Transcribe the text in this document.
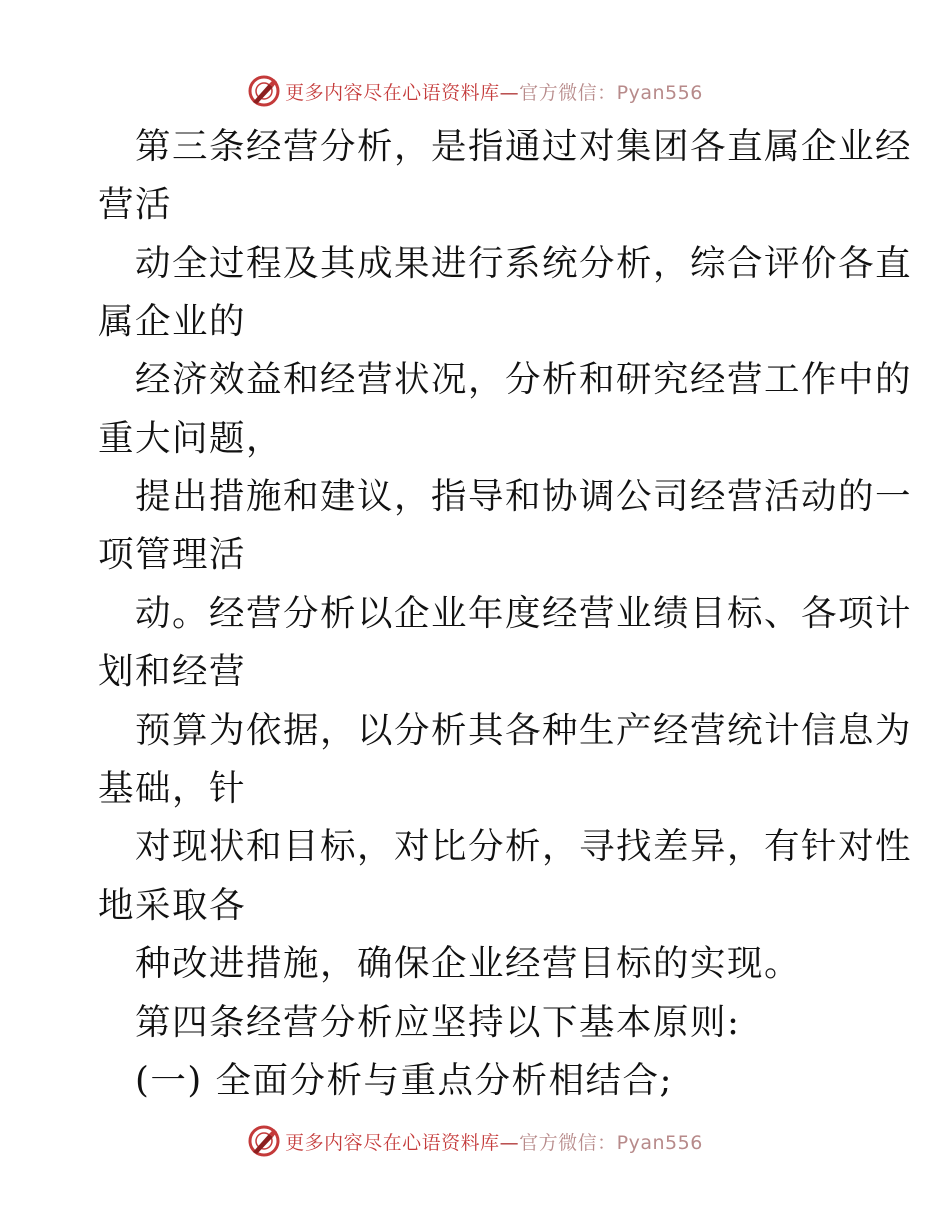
更多内容尽在心语资料库—官方微信：Pyan556
第三条经营分析，是指通过对集团各直属企业经
营活
动全过程及其成果进行系统分析，综合评价各直
属企业的
经济效益和经营状况，分析和研究经营工作中的
重大问题，
提出措施和建议，指导和协调公司经营活动的一
项管理活
动。经营分析以企业年度经营业绩目标、各项计
划和经营
预算为依据，以分析其各种生产经营统计信息为
基础，针
对现状和目标，对比分析，寻找差异，有针对性
地采取各
种改进措施，确保企业经营目标的实现。
第四条经营分析应坚持以下基本原则:
(一) 全面分析与重点分析相结合;
更多内容尽在心语资料库—官方微信：Pyan556
